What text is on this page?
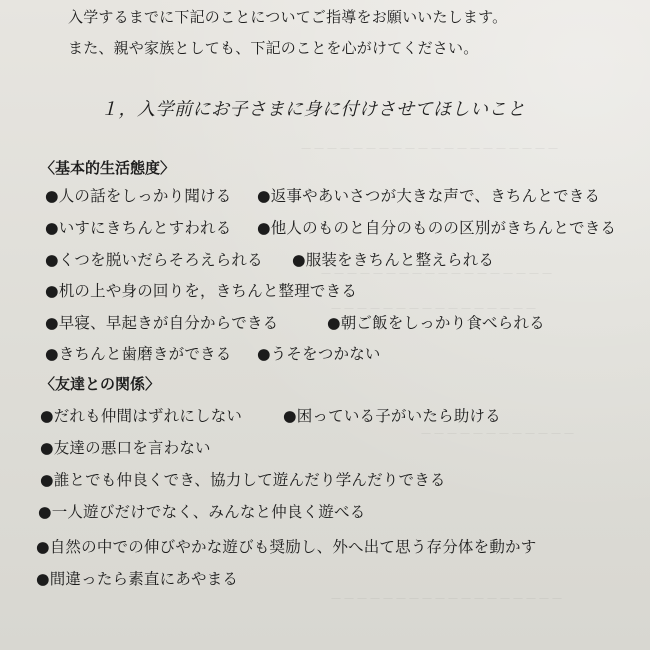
－－－－－－－－－－－－－－－－－－－－
－－－－－－－－－－－－－－－－－－
－－－－－－－－－－－－－－－－
－－－－－－－－－－－－
－－－－－－－－－－－－－－－－－－
入学するまでに下記のことについてご指導をお願いいたします。
また、親や家族としても、下記のことを心がけてください。
１，入学前にお子さまに身に付けさせてほしいこと
〈基本的生活態度〉
●人の話をしっかり聞ける ●返事やあいさつが大きな声で、きちんとできる
●いすにきちんとすわれる ●他人のものと自分のものの区別がきちんとできる
●くつを脱いだらそろえられる ●服装をきちんと整えられる
●机の上や身の回りを，きちんと整理できる
●早寝、早起きが自分からできる	●朝ご飯をしっかり食べられる
●きちんと歯磨きができる ●うそをつかない
〈友達との関係〉
●だれも仲間はずれにしない	●困っている子がいたら助ける
●友達の悪口を言わない
●誰とでも仲良くでき、協力して遊んだり学んだりできる
●一人遊びだけでなく、みんなと仲良く遊べる
●自然の中での伸びやかな遊びも奨励し、外へ出て思う存分体を動かす
●間違ったら素直にあやまる
